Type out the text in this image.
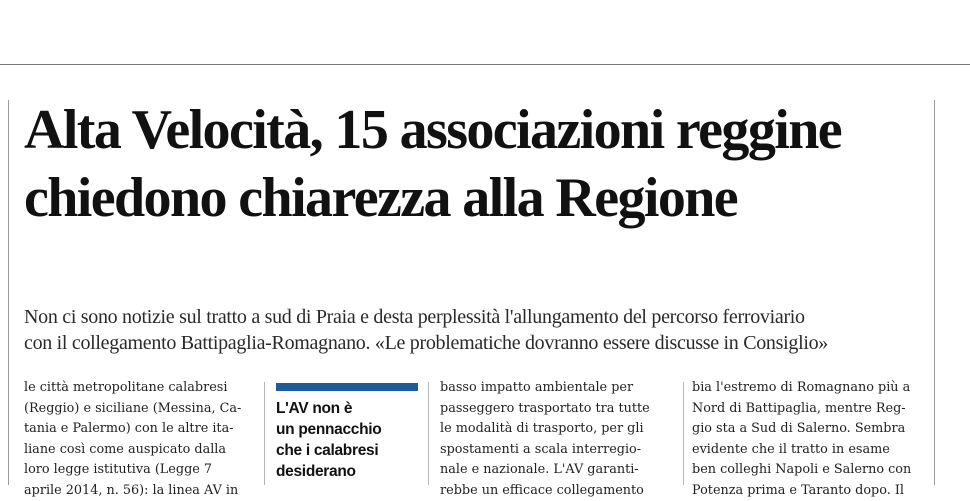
Alta Velocità, 15 associazioni reggine
chiedono chiarezza alla Regione

Non ci sono notizie sul tratto a sud di Praia e desta perplessità l'allungamento del percorso ferroviario
con il collegamento Battipaglia-Romagnano. «Le problematiche dovranno essere discusse in Consiglio»

le città metropolitane calabresi
(Reggio) e siciliane (Messina, Ca-
tania e Palermo) con le altre ita-
liane così come auspicato dalla
loro legge istitutiva (Legge 7
aprile 2014, n. 56): la linea AV in
L'AV non è
un pennacchio
che i calabresi
desiderano
basso impatto ambientale per
passeggero trasportato tra tutte
le modalità di trasporto, per gli
spostamenti a scala interregio-
nale e nazionale. L'AV garanti-
rebbe un efficace collegamento
bia l'estremo di Romagnano più a
Nord di Battipaglia, mentre Reg-
gio sta a Sud di Salerno. Sembra
evidente che il tratto in esame
ben colleghi Napoli e Salerno con
Potenza prima e Taranto dopo. Il
